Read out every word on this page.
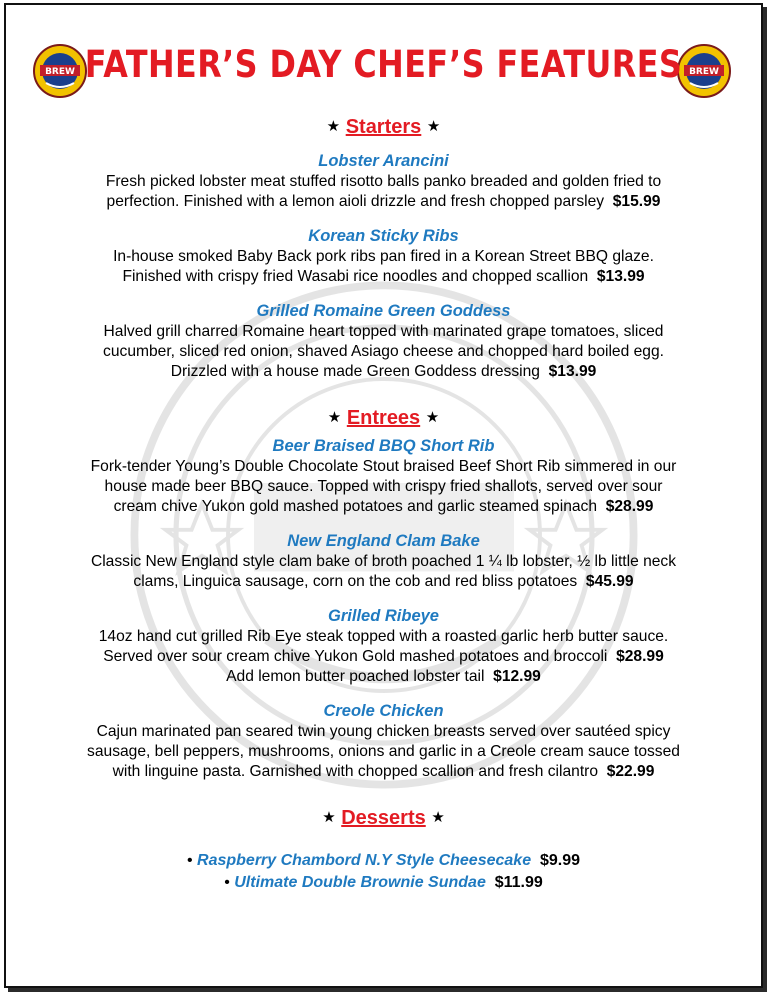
BREW	BREW
FATHER’S DAY CHEF’S FEATURES
★ Starters ★
Lobster Arancini
Fresh picked lobster meat stuffed risotto balls panko breaded and golden fried to
perfection. Finished with a lemon aioli drizzle and fresh chopped parsley $15.99
Korean Sticky Ribs
In-house smoked Baby Back pork ribs pan fired in a Korean Street BBQ glaze.
Finished with crispy fried Wasabi rice noodles and chopped scallion $13.99
Grilled Romaine Green Goddess
Halved grill charred Romaine heart topped with marinated grape tomatoes, sliced
cucumber, sliced red onion, shaved Asiago cheese and chopped hard boiled egg.
Drizzled with a house made Green Goddess dressing $13.99
★ Entrees ★
Beer Braised BBQ Short Rib
Fork-tender Young’s Double Chocolate Stout braised Beef Short Rib simmered in our
house made beer BBQ sauce. Topped with crispy fried shallots, served over sour
cream chive Yukon gold mashed potatoes and garlic steamed spinach $28.99
New England Clam Bake
Classic New England style clam bake of broth poached 1 ¼ lb lobster, ½ lb little neck
clams, Linguica sausage, corn on the cob and red bliss potatoes $45.99
Grilled Ribeye
14oz hand cut grilled Rib Eye steak topped with a roasted garlic herb butter sauce.
Served over sour cream chive Yukon Gold mashed potatoes and broccoli $28.99
Add lemon butter poached lobster tail $12.99
Creole Chicken
Cajun marinated pan seared twin young chicken breasts served over sautéed spicy
sausage, bell peppers, mushrooms, onions and garlic in a Creole cream sauce tossed
with linguine pasta. Garnished with chopped scallion and fresh cilantro $22.99
★ Desserts ★
• Raspberry Chambord N.Y Style Cheesecake $9.99
• Ultimate Double Brownie Sundae $11.99
